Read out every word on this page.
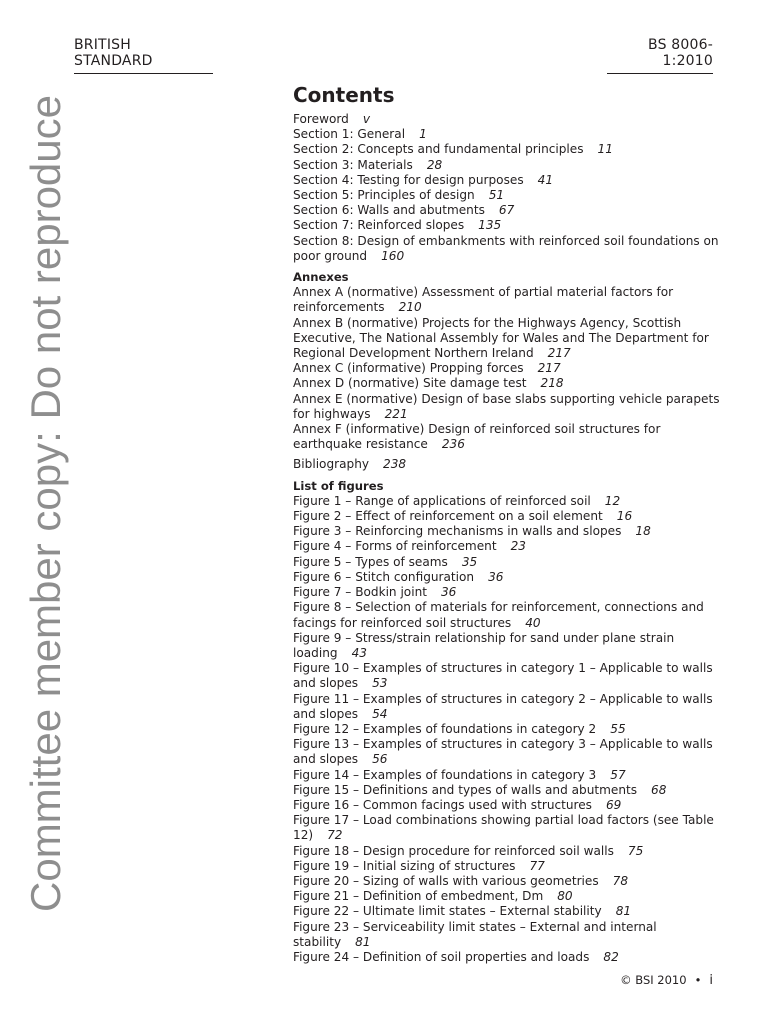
BRITISH STANDARD
BS 8006-1:2010
Committee member copy: Do not reproduce	Contents
Foreword v
Section 1: General 1
Section 2: Concepts and fundamental principles 11
Section 3: Materials 28
Section 4: Testing for design purposes 41
Section 5: Principles of design 51
Section 6: Walls and abutments 67
Section 7: Reinforced slopes 135
Section 8: Design of embankments with reinforced soil foundations on poor ground 160
Annexes
Annex A (normative) Assessment of partial material factors for reinforcements 210
Annex B (normative) Projects for the Highways Agency, Scottish Executive, The National Assembly for Wales and The Department for Regional Development Northern Ireland 217
Annex C (informative) Propping forces 217
Annex D (normative) Site damage test 218
Annex E (normative) Design of base slabs supporting vehicle parapets for highways 221
Annex F (informative) Design of reinforced soil structures for earthquake resistance 236
Bibliography 238
List of figures
Figure 1 – Range of applications of reinforced soil 12
Figure 2 – Effect of reinforcement on a soil element 16
Figure 3 – Reinforcing mechanisms in walls and slopes 18
Figure 4 – Forms of reinforcement 23
Figure 5 – Types of seams 35
Figure 6 – Stitch configuration 36
Figure 7 – Bodkin joint 36
Figure 8 – Selection of materials for reinforcement, connections and facings for reinforced soil structures 40
Figure 9 – Stress/strain relationship for sand under plane strain loading 43
Figure 10 – Examples of structures in category 1 – Applicable to walls and slopes 53
Figure 11 – Examples of structures in category 2 – Applicable to walls and slopes 54
Figure 12 – Examples of foundations in category 2 55
Figure 13 – Examples of structures in category 3 – Applicable to walls and slopes 56
Figure 14 – Examples of foundations in category 3 57
Figure 15 – Definitions and types of walls and abutments 68
Figure 16 – Common facings used with structures 69
Figure 17 – Load combinations showing partial load factors (see Table 12) 72
Figure 18 – Design procedure for reinforced soil walls 75
Figure 19 – Initial sizing of structures 77
Figure 20 – Sizing of walls with various geometries 78
Figure 21 – Definition of embedment, Dm 80
Figure 22 – Ultimate limit states – External stability 81
Figure 23 – Serviceability limit states – External and internal stability 81
Figure 24 – Definition of soil properties and loads 82
© BSI 2010 • i
